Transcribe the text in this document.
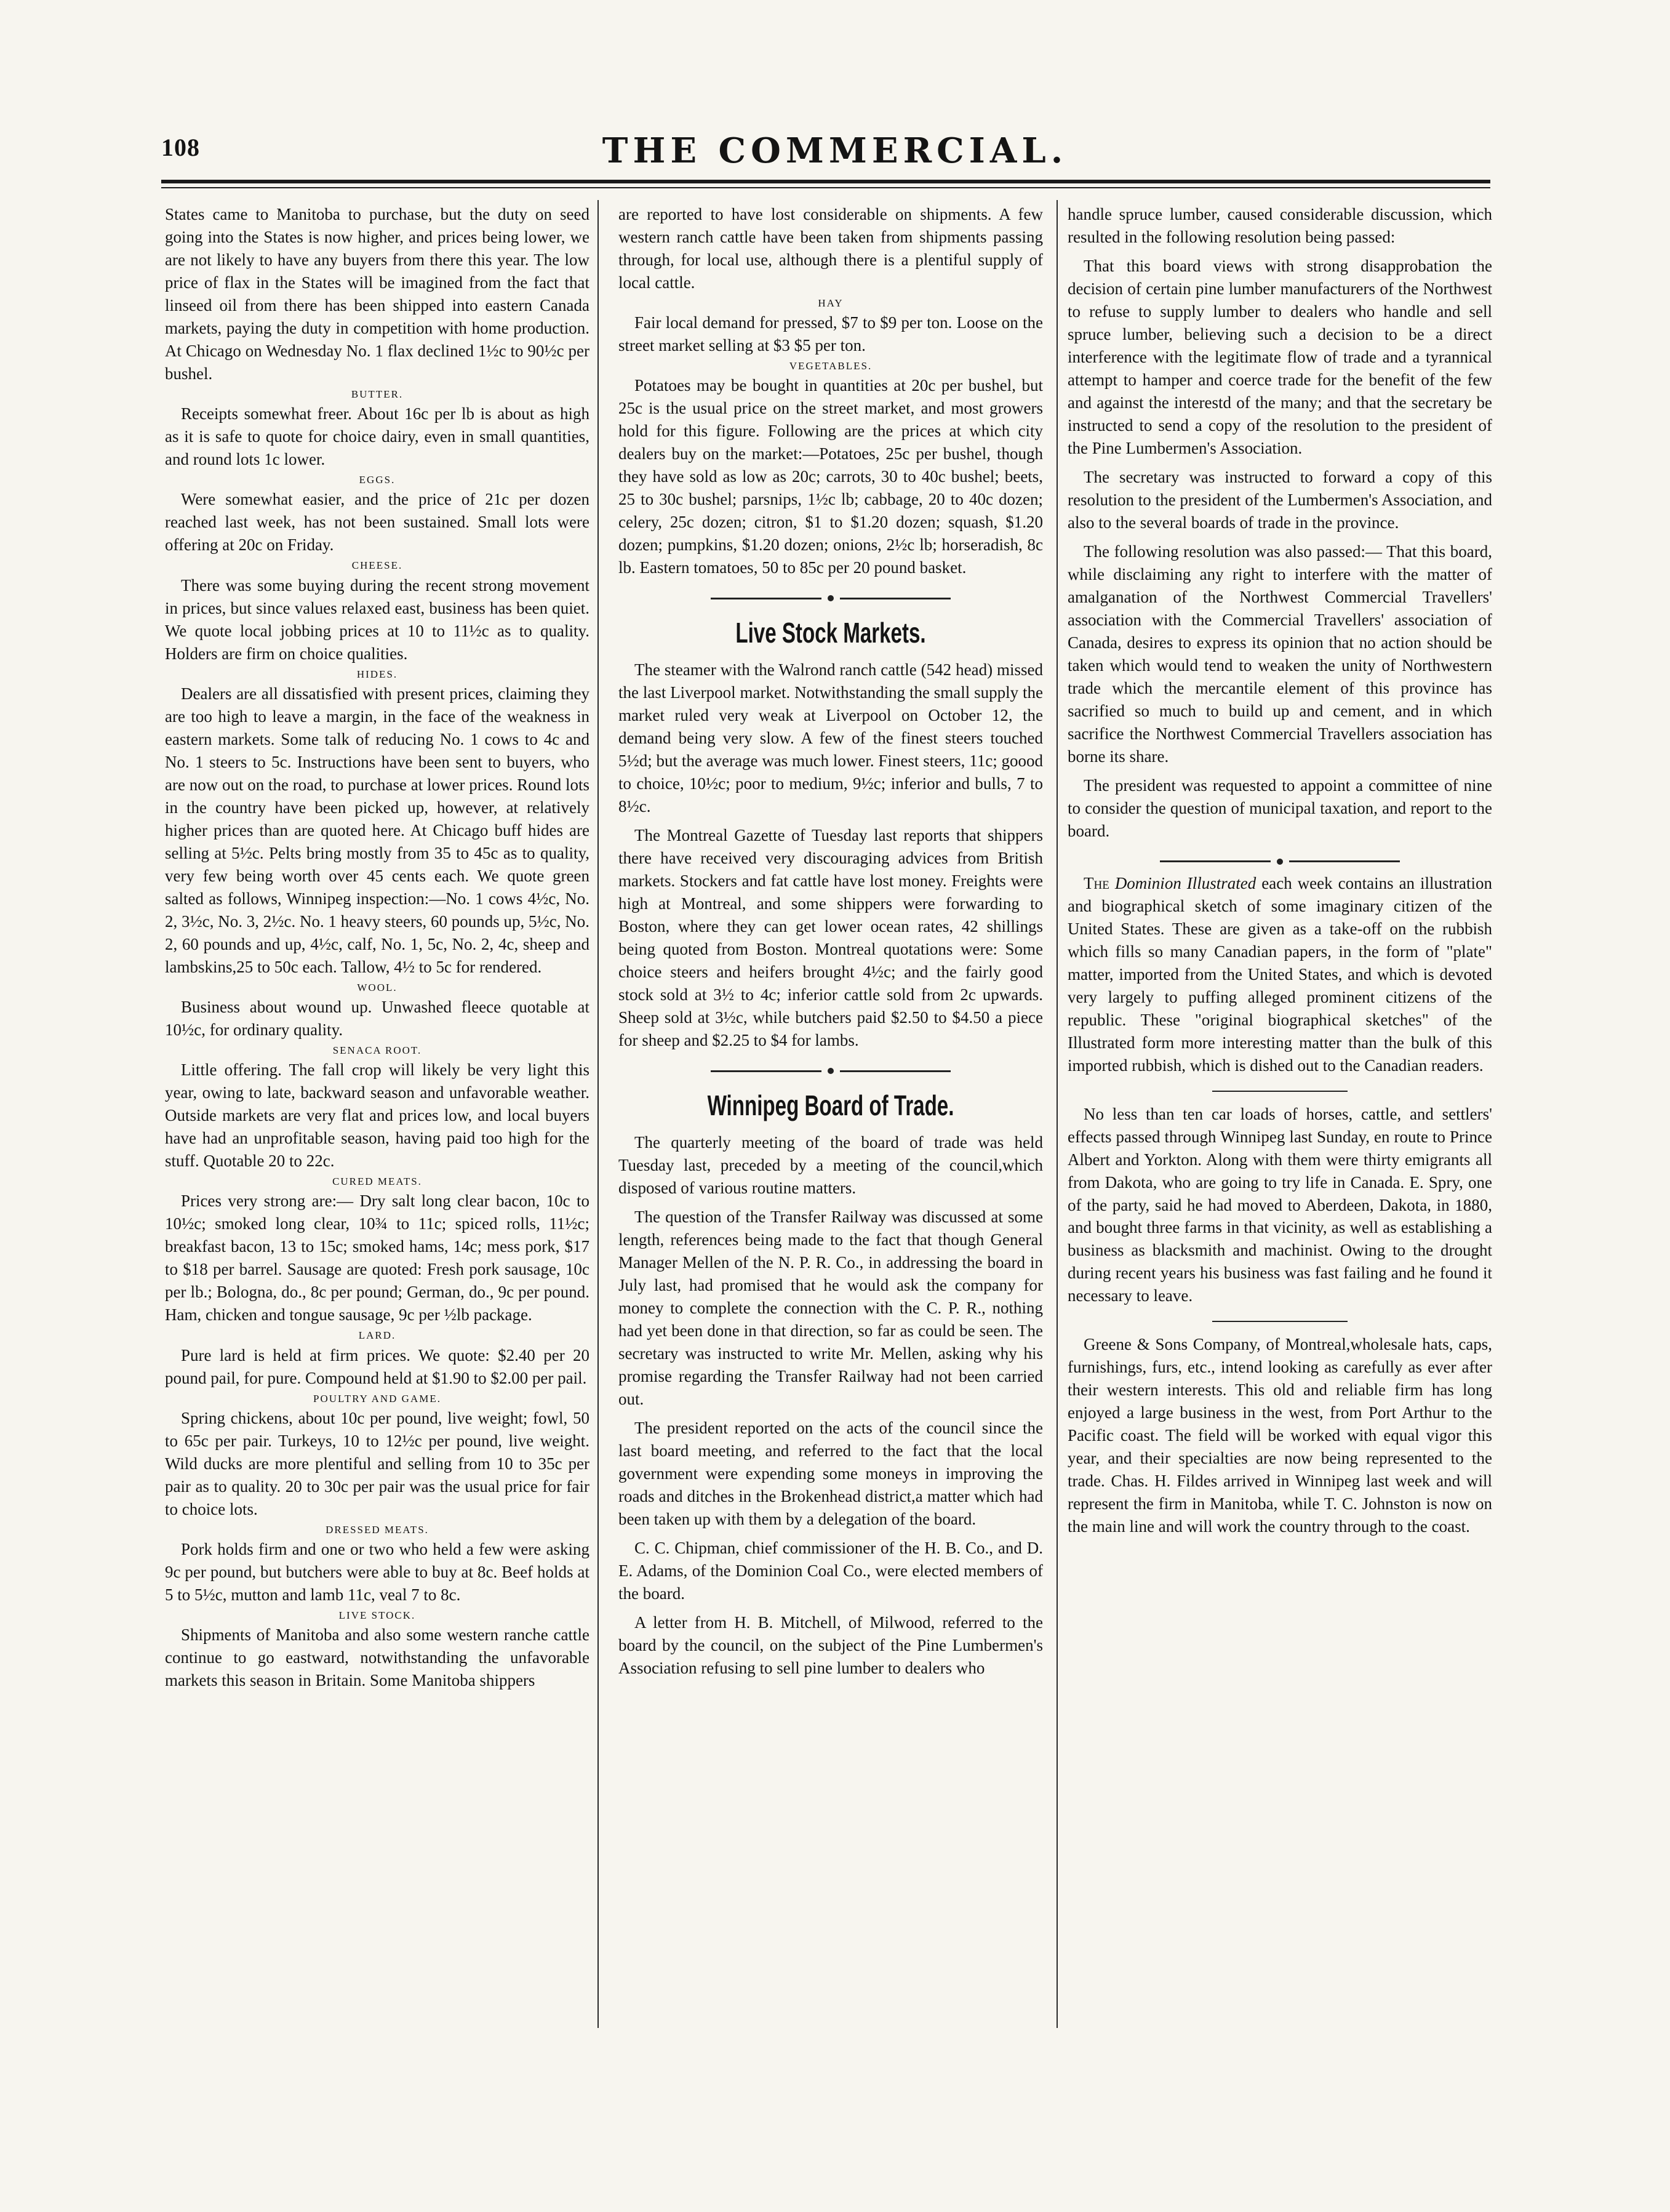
108	THE COMMERCIAL.

States came to Manitoba to purchase, but the duty on seed going into the States is now higher, and prices being lower, we are not likely to have any buyers from there this year. The low price of flax in the States will be imagined from the fact that linseed oil from there has been shipped into eastern Canada markets, paying the duty in competition with home production. At Chicago on Wednesday No. 1 flax declined 1½c to 90½c per bushel.

BUTTER.

Receipts somewhat freer. About 16c per lb is about as high as it is safe to quote for choice dairy, even in small quantities, and round lots 1c lower.

EGGS.

Were somewhat easier, and the price of 21c per dozen reached last week, has not been sustained. Small lots were offering at 20c on Friday.

CHEESE.

There was some buying during the recent strong movement in prices, but since values relaxed east, business has been quiet. We quote local jobbing prices at 10 to 11½c as to quality. Holders are firm on choice qualities.

HIDES.

Dealers are all dissatisfied with present prices, claiming they are too high to leave a margin, in the face of the weakness in eastern markets. Some talk of reducing No. 1 cows to 4c and No. 1 steers to 5c. Instructions have been sent to buyers, who are now out on the road, to purchase at lower prices. Round lots in the country have been picked up, however, at relatively higher prices than are quoted here. At Chicago buff hides are selling at 5½c. Pelts bring mostly from 35 to 45c as to quality, very few being worth over 45 cents each. We quote green salted as follows, Winnipeg inspection:—No. 1 cows 4½c, No. 2, 3½c, No. 3, 2½c. No. 1 heavy steers, 60 pounds up, 5½c, No. 2, 60 pounds and up, 4½c, calf, No. 1, 5c, No. 2, 4c, sheep and lambskins,25 to 50c each. Tallow, 4½ to 5c for rendered.

WOOL.

Business about wound up. Unwashed fleece quotable at 10½c, for ordinary quality.

SENACA ROOT.

Little offering. The fall crop will likely be very light this year, owing to late, backward season and unfavorable weather. Outside markets are very flat and prices low, and local buyers have had an unprofitable season, having paid too high for the stuff. Quotable 20 to 22c.

CURED MEATS.

Prices very strong are:— Dry salt long clear bacon, 10c to 10½c; smoked long clear, 10¾ to 11c; spiced rolls, 11½c; breakfast bacon, 13 to 15c; smoked hams, 14c; mess pork, $17 to $18 per barrel. Sausage are quoted: Fresh pork sausage, 10c per lb.; Bologna, do., 8c per pound; German, do., 9c per pound. Ham, chicken and tongue sausage, 9c per ½lb package.

LARD.

Pure lard is held at firm prices. We quote: $2.40 per 20 pound pail, for pure. Compound held at $1.90 to $2.00 per pail.

POULTRY AND GAME.

Spring chickens, about 10c per pound, live weight; fowl, 50 to 65c per pair. Turkeys, 10 to 12½c per pound, live weight. Wild ducks are more plentiful and selling from 10 to 35c per pair as to quality. 20 to 30c per pair was the usual price for fair to choice lots.

DRESSED MEATS.

Pork holds firm and one or two who held a few were asking 9c per pound, but butchers were able to buy at 8c. Beef holds at 5 to 5½c, mutton and lamb 11c, veal 7 to 8c.

LIVE STOCK.

Shipments of Manitoba and also some western ranche cattle continue to go eastward, notwithstanding the unfavorable markets this season in Britain. Some Manitoba shippers

are reported to have lost considerable on shipments. A few western ranch cattle have been taken from shipments passing through, for local use, although there is a plentiful supply of local cattle.

HAY

Fair local demand for pressed, $7 to $9 per ton. Loose on the street market selling at $3 $5 per ton.

VEGETABLES.

Potatoes may be bought in quantities at 20c per bushel, but 25c is the usual price on the street market, and most growers hold for this figure. Following are the prices at which city dealers buy on the market:—Potatoes, 25c per bushel, though they have sold as low as 20c; carrots, 30 to 40c bushel; beets, 25 to 30c bushel; parsnips, 1½c lb; cabbage, 20 to 40c dozen; celery, 25c dozen; citron, $1 to $1.20 dozen; squash, $1.20 dozen; pumpkins, $1.20 dozen; onions, 2½c lb; horseradish, 8c lb. Eastern tomatoes, 50 to 85c per 20 pound basket.

Live Stock Markets.

The steamer with the Walrond ranch cattle (542 head) missed the last Liverpool market. Notwithstanding the small supply the market ruled very weak at Liverpool on October 12, the demand being very slow. A few of the finest steers touched 5½d; but the average was much lower. Finest steers, 11c; goood to choice, 10½c; poor to medium, 9½c; inferior and bulls, 7 to 8½c.

The Montreal Gazette of Tuesday last reports that shippers there have received very discouraging advices from British markets. Stockers and fat cattle have lost money. Freights were high at Montreal, and some shippers were forwarding to Boston, where they can get lower ocean rates, 42 shillings being quoted from Boston. Montreal quotations were: Some choice steers and heifers brought 4½c; and the fairly good stock sold at 3½ to 4c; inferior cattle sold from 2c upwards. Sheep sold at 3½c, while butchers paid $2.50 to $4.50 a piece for sheep and $2.25 to $4 for lambs.

Winnipeg Board of Trade.

The quarterly meeting of the board of trade was held Tuesday last, preceded by a meeting of the council,which disposed of various routine matters.

The question of the Transfer Railway was discussed at some length, references being made to the fact that though General Manager Mellen of the N. P. R. Co., in addressing the board in July last, had promised that he would ask the company for money to complete the connection with the C. P. R., nothing had yet been done in that direction, so far as could be seen. The secretary was instructed to write Mr. Mellen, asking why his promise regarding the Transfer Railway had not been carried out.

The president reported on the acts of the council since the last board meeting, and referred to the fact that the local government were expending some moneys in improving the roads and ditches in the Brokenhead district,a matter which had been taken up with them by a delegation of the board.

C. C. Chipman, chief commissioner of the H. B. Co., and D. E. Adams, of the Dominion Coal Co., were elected members of the board.

A letter from H. B. Mitchell, of Milwood, referred to the board by the council, on the subject of the Pine Lumbermen's Association refusing to sell pine lumber to dealers who

handle spruce lumber, caused considerable discussion, which resulted in the following resolution being passed:

That this board views with strong disapprobation the decision of certain pine lumber manufacturers of the Northwest to refuse to supply lumber to dealers who handle and sell spruce lumber, believing such a decision to be a direct interference with the legitimate flow of trade and a tyrannical attempt to hamper and coerce trade for the benefit of the few and against the interestd of the many; and that the secretary be instructed to send a copy of the resolution to the president of the Pine Lumbermen's Association.

The secretary was instructed to forward a copy of this resolution to the president of the Lumbermen's Association, and also to the several boards of trade in the province.

The following resolution was also passed:— That this board, while disclaiming any right to interfere with the matter of amalganation of the Northwest Commercial Travellers' association with the Commercial Travellers' association of Canada, desires to express its opinion that no action should be taken which would tend to weaken the unity of Northwestern trade which the mercantile element of this province has sacrified so much to build up and cement, and in which sacrifice the Northwest Commercial Travellers association has borne its share.

The president was requested to appoint a committee of nine to consider the question of municipal taxation, and report to the board.

The Dominion Illustrated each week contains an illustration and biographical sketch of some imaginary citizen of the United States. These are given as a take-off on the rubbish which fills so many Canadian papers, in the form of "plate" matter, imported from the United States, and which is devoted very largely to puffing alleged prominent citizens of the republic. These "original biographical sketches" of the Illustrated form more interesting matter than the bulk of this imported rubbish, which is dished out to the Canadian readers.

No less than ten car loads of horses, cattle, and settlers' effects passed through Winnipeg last Sunday, en route to Prince Albert and Yorkton. Along with them were thirty emigrants all from Dakota, who are going to try life in Canada. E. Spry, one of the party, said he had moved to Aberdeen, Dakota, in 1880, and bought three farms in that vicinity, as well as establishing a business as blacksmith and machinist. Owing to the drought during recent years his business was fast failing and he found it necessary to leave.

Greene & Sons Company, of Montreal,wholesale hats, caps, furnishings, furs, etc., intend looking as carefully as ever after their western interests. This old and reliable firm has long enjoyed a large business in the west, from Port Arthur to the Pacific coast. The field will be worked with equal vigor this year, and their specialties are now being represented to the trade. Chas. H. Fildes arrived in Winnipeg last week and will represent the firm in Manitoba, while T. C. Johnston is now on the main line and will work the country through to the coast.
